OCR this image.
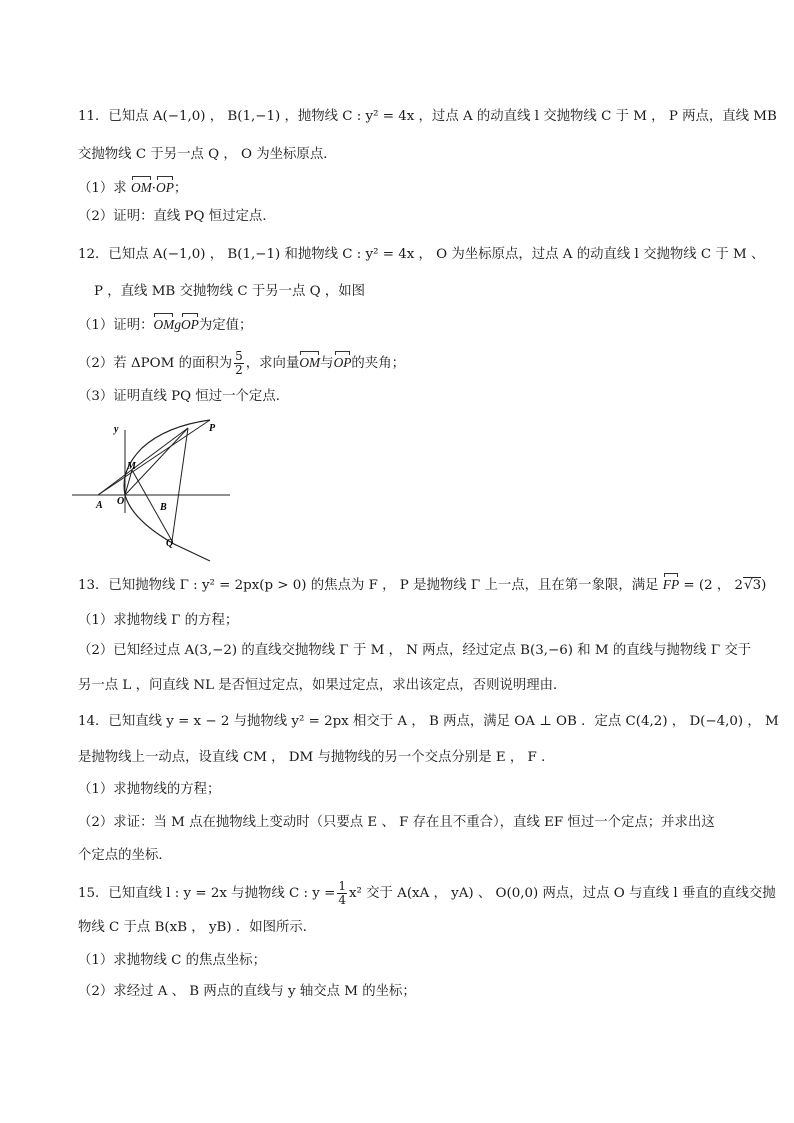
11．已知点 A(−1,0) ， B(1,−1) ，抛物线 C : y² = 4x ，过点 A 的动直线 l 交抛物线 C 于 M ， P 两点，直线 MB
交抛物线 C 于另一点 Q ， O 为坐标原点．
（1）求 OM·OP；
（2）证明：直线 PQ 恒过定点．
12．已知点 A(−1,0) ， B(1,−1) 和抛物线 C : y² = 4x ， O 为坐标原点，过点 A 的动直线 l 交抛物线 C 于 M 、
P ，直线 MB 交抛物线 C 于另一点 Q ，如图
（1）证明：OMgOP为定值；
（2）若 ΔPOM 的面积为 $\frac{5}{2}$ ，求向量OM与OP的夹角；
（3）证明直线 PQ 恒过一个定点．
y	P
M
A O
B
Q
13．已知抛物线 Γ : y² = 2px(p > 0) 的焦点为 F ， P 是抛物线 Γ 上一点，且在第一象限，满足 FP = (2 ， 2√3)
（1）求抛物线 Γ 的方程；
（2）已知经过点 A(3,−2) 的直线交抛物线 Γ 于 M ， N 两点，经过定点 B(3,−6) 和 M 的直线与抛物线 Γ 交于
另一点 L ，问直线 NL 是否恒过定点，如果过定点，求出该定点，否则说明理由．
14．已知直线 y = x − 2 与抛物线 y² = 2px 相交于 A ， B 两点，满足 OA ⊥ OB ．定点 C(4,2) ， D(−4,0) ， M
是抛物线上一动点，设直线 CM ， DM 与抛物线的另一个交点分别是 E ， F ．
（1）求抛物线的方程；
（2）求证：当 M 点在抛物线上变动时（只要点 E 、 F 存在且不重合），直线 EF 恒过一个定点；并求出这
个定点的坐标．
15．已知直线 l : y = 2x 与抛物线 C : $y = \frac{1}{4} x^2$ 交于 A(xA ， yA) 、 O(0,0) 两点，过点 O 与直线 l 垂直的直线交抛
物线 C 于点 B(xB ， yB) ．如图所示．
（1）求抛物线 C 的焦点坐标；
（2）求经过 A 、 B 两点的直线与 y 轴交点 M 的坐标；
